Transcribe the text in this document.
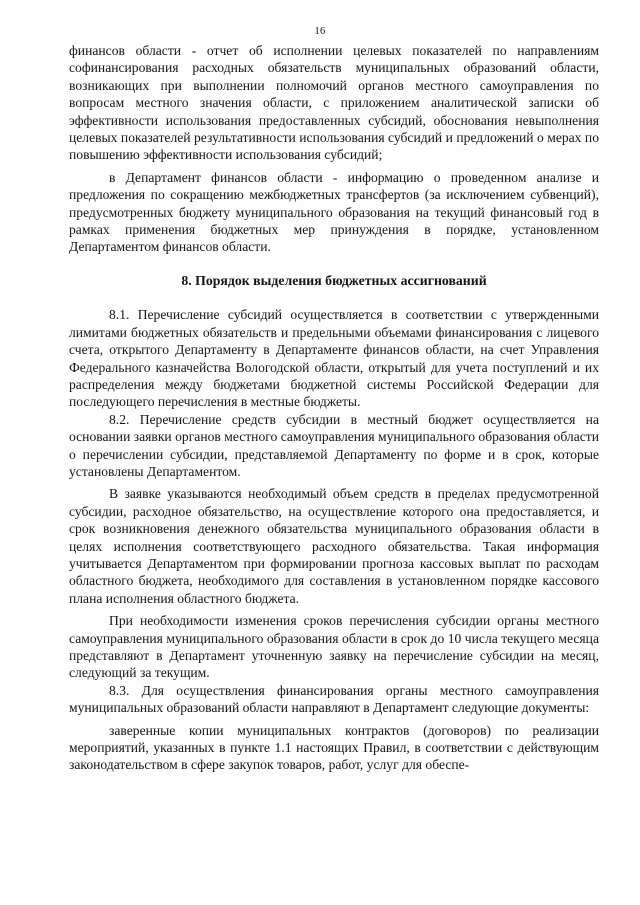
16

финансов области - отчет об исполнении целевых показателей по направлениям софинансирования расходных обязательств муниципальных образований области, возникающих при выполнении полномочий органов местного самоуправления по вопросам местного значения области, с приложением аналитической записки об эффективности использования предоставленных субсидий, обоснования невыполнения целевых показателей результативности использования субсидий и предложений о мерах по повышению эффективности использования субсидий;

в Департамент финансов области - информацию о проведенном анализе и предложения по сокращению межбюджетных трансфертов (за исключением субвенций), предусмотренных бюджету муниципального образования на текущий финансовый год в рамках применения бюджетных мер принуждения в порядке, установленном Департаментом финансов области.

8. Порядок выделения бюджетных ассигнований

8.1. Перечисление субсидий осуществляется в соответствии с утвержденными лимитами бюджетных обязательств и предельными объемами финансирования с лицевого счета, открытого Департаменту в Департаменте финансов области, на счет Управления Федерального казначейства Вологодской области, открытый для учета поступлений и их распределения между бюджетами бюджетной системы Российской Федерации для последующего перечисления в местные бюджеты.

8.2. Перечисление средств субсидии в местный бюджет осуществляется на основании заявки органов местного самоуправления муниципального образования области о перечислении субсидии, представляемой Департаменту по форме и в срок, которые установлены Департаментом.

В заявке указываются необходимый объем средств в пределах предусмотренной субсидии, расходное обязательство, на осуществление которого она предоставляется, и срок возникновения денежного обязательства муниципального образования области в целях исполнения соответствующего расходного обязательства. Такая информация учитывается Департаментом при формировании прогноза кассовых выплат по расходам областного бюджета, необходимого для составления в установленном порядке кассового плана исполнения областного бюджета.

При необходимости изменения сроков перечисления субсидии органы местного самоуправления муниципального образования области в срок до 10 числа текущего месяца представляют в Департамент уточненную заявку на перечисление субсидии на месяц, следующий за текущим.

8.3. Для осуществления финансирования органы местного самоуправления муниципальных образований области направляют в Департамент следующие документы:

заверенные копии муниципальных контрактов (договоров) по реализации мероприятий, указанных в пункте 1.1 настоящих Правил, в соответствии с действующим законодательством в сфере закупок товаров, работ, услуг для обеспе-
